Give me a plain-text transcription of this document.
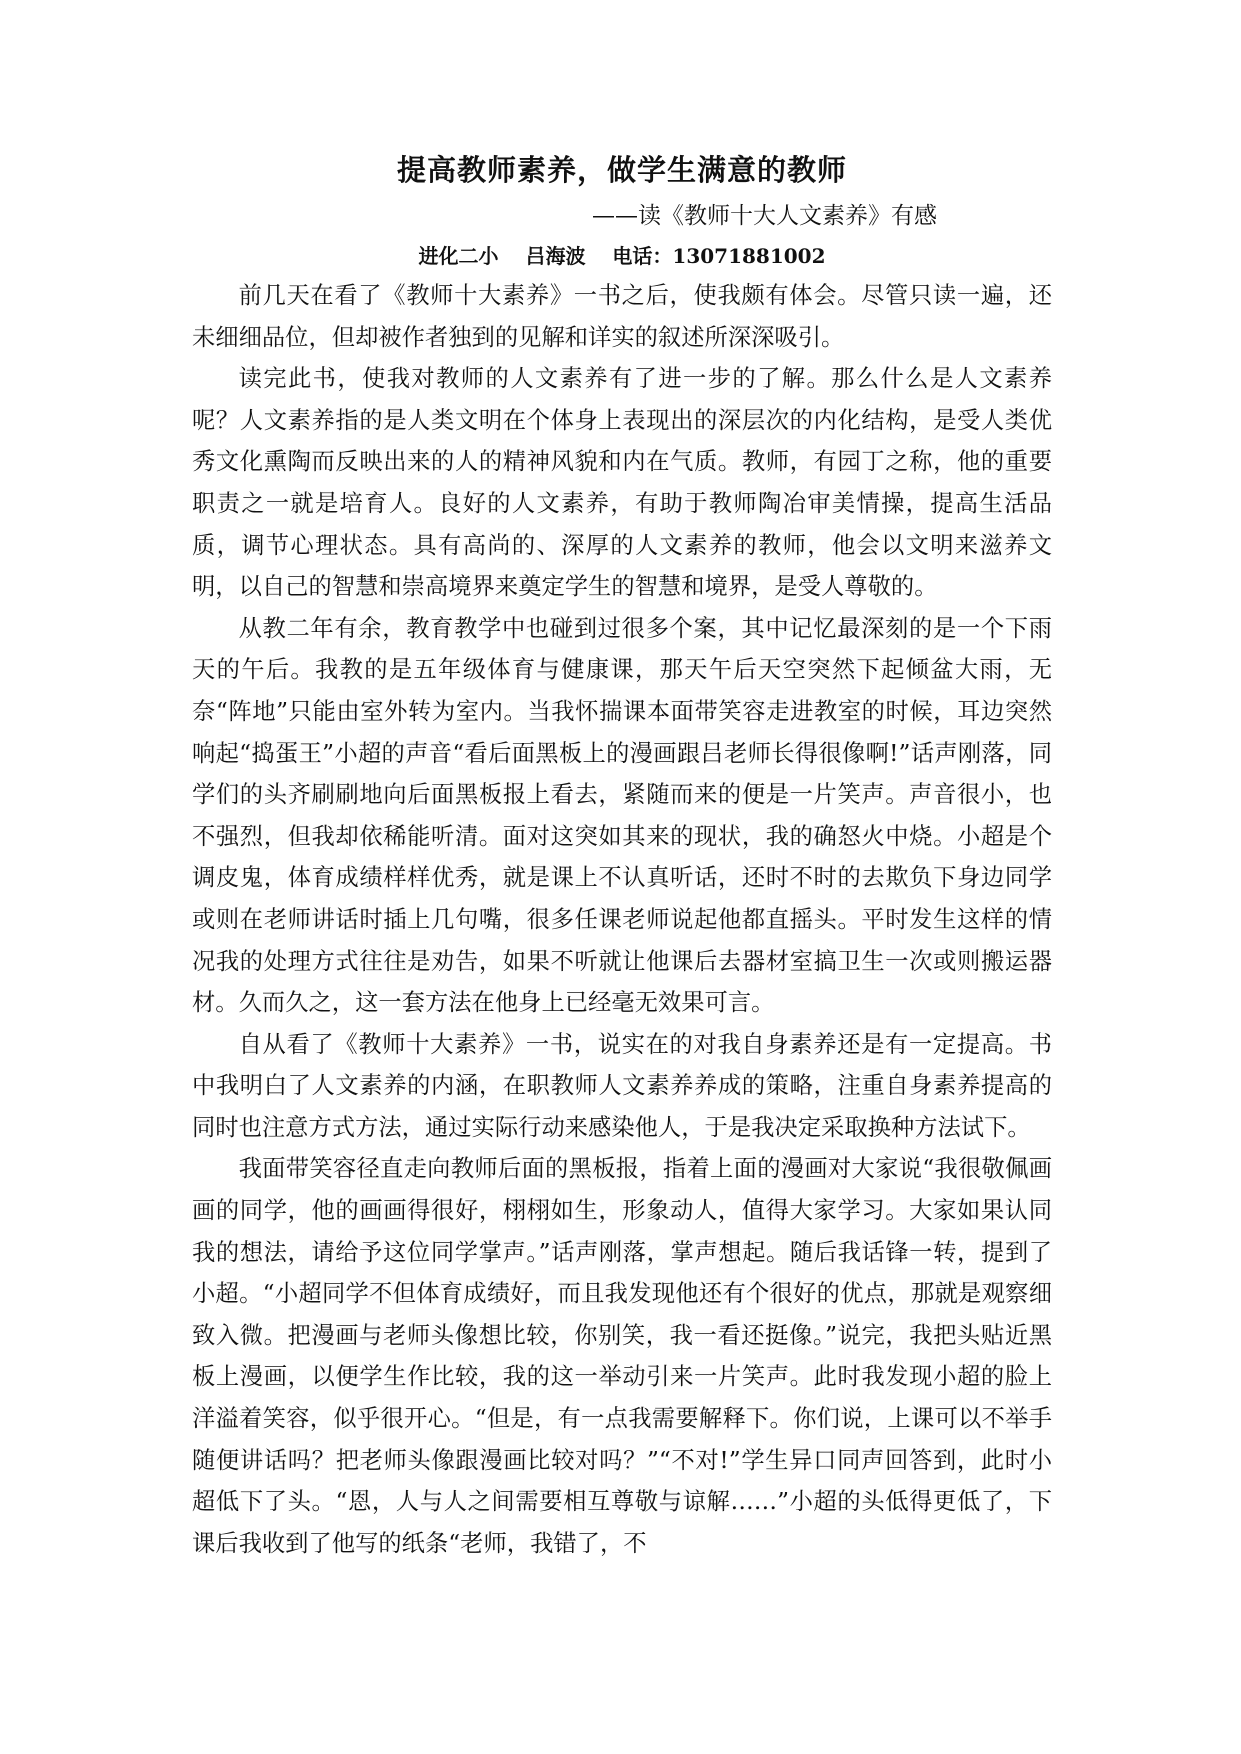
提高教师素养，做学生满意的教师
——读《教师十大人文素养》有感
进化二小 吕海波 电话：13071881002

前几天在看了《教师十大素养》一书之后，使我颇有体会。尽管只读一遍，还未细细品位，但却被作者独到的见解和详实的叙述所深深吸引。

读完此书，使我对教师的人文素养有了进一步的了解。那么什么是人文素养呢？人文素养指的是人类文明在个体身上表现出的深层次的内化结构，是受人类优秀文化熏陶而反映出来的人的精神风貌和内在气质。教师，有园丁之称，他的重要职责之一就是培育人。良好的人文素养，有助于教师陶冶审美情操，提高生活品质，调节心理状态。具有高尚的、深厚的人文素养的教师，他会以文明来滋养文明，以自己的智慧和崇高境界来奠定学生的智慧和境界，是受人尊敬的。

从教二年有余，教育教学中也碰到过很多个案，其中记忆最深刻的是一个下雨天的午后。我教的是五年级体育与健康课，那天午后天空突然下起倾盆大雨，无奈“阵地”只能由室外转为室内。当我怀揣课本面带笑容走进教室的时候，耳边突然响起“捣蛋王”小超的声音“看后面黑板上的漫画跟吕老师长得很像啊!”话声刚落，同学们的头齐刷刷地向后面黑板报上看去，紧随而来的便是一片笑声。声音很小，也不强烈，但我却依稀能听清。面对这突如其来的现状，我的确怒火中烧。小超是个调皮鬼，体育成绩样样优秀，就是课上不认真听话，还时不时的去欺负下身边同学或则在老师讲话时插上几句嘴，很多任课老师说起他都直摇头。平时发生这样的情况我的处理方式往往是劝告，如果不听就让他课后去器材室搞卫生一次或则搬运器材。久而久之，这一套方法在他身上已经毫无效果可言。

自从看了《教师十大素养》一书，说实在的对我自身素养还是有一定提高。书中我明白了人文素养的内涵，在职教师人文素养养成的策略，注重自身素养提高的同时也注意方式方法，通过实际行动来感染他人，于是我决定采取换种方法试下。

我面带笑容径直走向教师后面的黑板报，指着上面的漫画对大家说“我很敬佩画画的同学，他的画画得很好，栩栩如生，形象动人，值得大家学习。大家如果认同我的想法，请给予这位同学掌声。”话声刚落，掌声想起。随后我话锋一转，提到了小超。“小超同学不但体育成绩好，而且我发现他还有个很好的优点，那就是观察细致入微。把漫画与老师头像想比较，你别笑，我一看还挺像。”说完，我把头贴近黑板上漫画，以便学生作比较，我的这一举动引来一片笑声。此时我发现小超的脸上洋溢着笑容，似乎很开心。“但是，有一点我需要解释下。你们说，上课可以不举手随便讲话吗？把老师头像跟漫画比较对吗？”“不对!”学生异口同声回答到，此时小超低下了头。“恩，人与人之间需要相互尊敬与谅解……”小超的头低得更低了，下课后我收到了他写的纸条“老师，我错了，不
